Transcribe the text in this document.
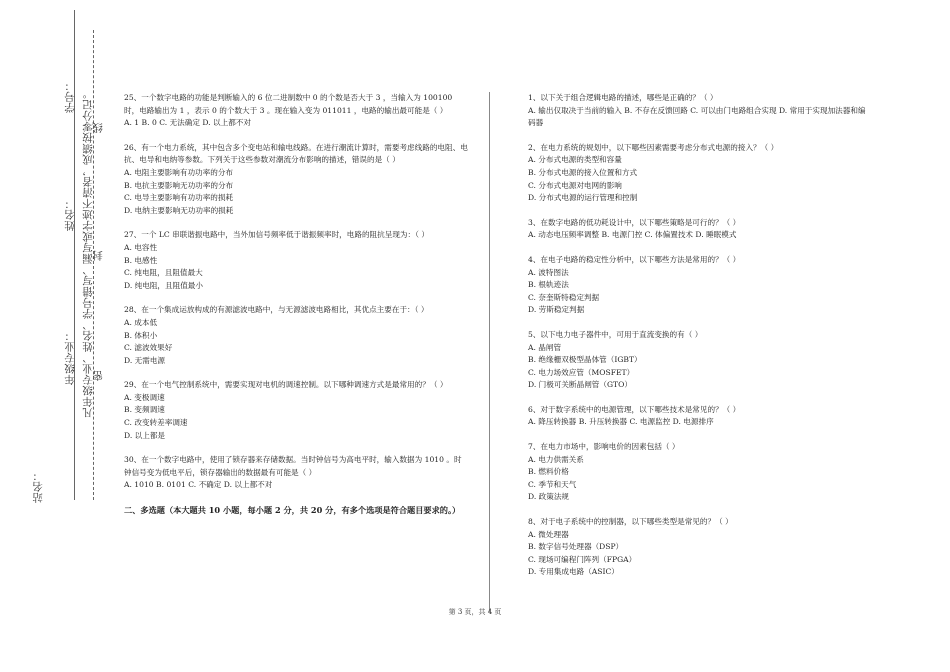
学号：
姓名： 凡年级专业、姓名、学号错写、漏写或字迹不清者，成绩按零分记。
年级专业：
站名：
线
封
密

25、一个数字电路的功能是判断输入的 6 位二进制数中 0 的个数是否大于 3 ，当输入为 100100 时，电路输出为 1 ，表示 0 的个数大于 3 。现在输入变为 011011 ，电路的输出最可能是（ ）

A. 1 B. 0 C. 无法确定 D. 以上都不对

26、有一个电力系统，其中包含多个变电站和输电线路。在进行潮流计算时，需要考虑线路的电阻、电抗、电导和电纳等参数。下列关于这些参数对潮流分布影响的描述，错误的是（ ）

A. 电阻主要影响有功功率的分布

B. 电抗主要影响无功功率的分布

C. 电导主要影响有功功率的损耗

D. 电纳主要影响无功功率的损耗

27、一个 LC 串联谐振电路中，当外加信号频率低于谐振频率时，电路的阻抗呈现为：（ ）

A. 电容性

B. 电感性

C. 纯电阻，且阻值最大

D. 纯电阻，且阻值最小

28、在一个集成运放构成的有源滤波电路中，与无源滤波电路相比，其优点主要在于：（ ）

A. 成本低

B. 体积小

C. 滤波效果好

D. 无需电源

29、在一个电气控制系统中，需要实现对电机的调速控制。以下哪种调速方式是最常用的？（ ）

A. 变极调速

B. 变频调速

C. 改变转差率调速

D. 以上都是

30、在一个数字电路中，使用了锁存器来存储数据。当时钟信号为高电平时，输入数据为 1010 。时钟信号变为低电平后，锁存器输出的数据最有可能是（ ）

A. 1010 B. 0101 C. 不确定 D. 以上都不对

二、多选题（本大题共 10 小题，每小题 2 分，共 20 分，有多个选项是符合题目要求的。）

1、以下关于组合逻辑电路的描述，哪些是正确的？（ ）

A. 输出仅取决于当前的输入 B. 不存在反馈回路 C. 可以由门电路组合实现 D. 常用于实现加法器和编码器

2、在电力系统的规划中，以下哪些因素需要考虑分布式电源的接入？（ ）

A. 分布式电源的类型和容量

B. 分布式电源的接入位置和方式

C. 分布式电源对电网的影响

D. 分布式电源的运行管理和控制

3、在数字电路的低功耗设计中，以下哪些策略是可行的？（ ）

A. 动态电压频率调整 B. 电源门控 C. 体偏置技术 D. 睡眠模式

4、在电子电路的稳定性分析中，以下哪些方法是常用的？（ ）

A. 波特图法

B. 根轨迹法

C. 奈奎斯特稳定判据

D. 劳斯稳定判据

5、以下电力电子器件中，可用于直流变换的有（ ）

A. 晶闸管

B. 绝缘栅双极型晶体管（IGBT）

C. 电力场效应管（MOSFET）

D. 门极可关断晶闸管（GTO）

6、对于数字系统中的电源管理，以下哪些技术是常见的？（ ）

A. 降压转换器 B. 升压转换器 C. 电源监控 D. 电源排序

7、在电力市场中，影响电价的因素包括（ ）

A. 电力供需关系

B. 燃料价格

C. 季节和天气

D. 政策法规

8、对于电子系统中的控制器，以下哪些类型是常见的？（ ）

A. 微处理器

B. 数字信号处理器（DSP）

C. 现场可编程门阵列（FPGA）

D. 专用集成电路（ASIC）

第 3 页，共 4 页
